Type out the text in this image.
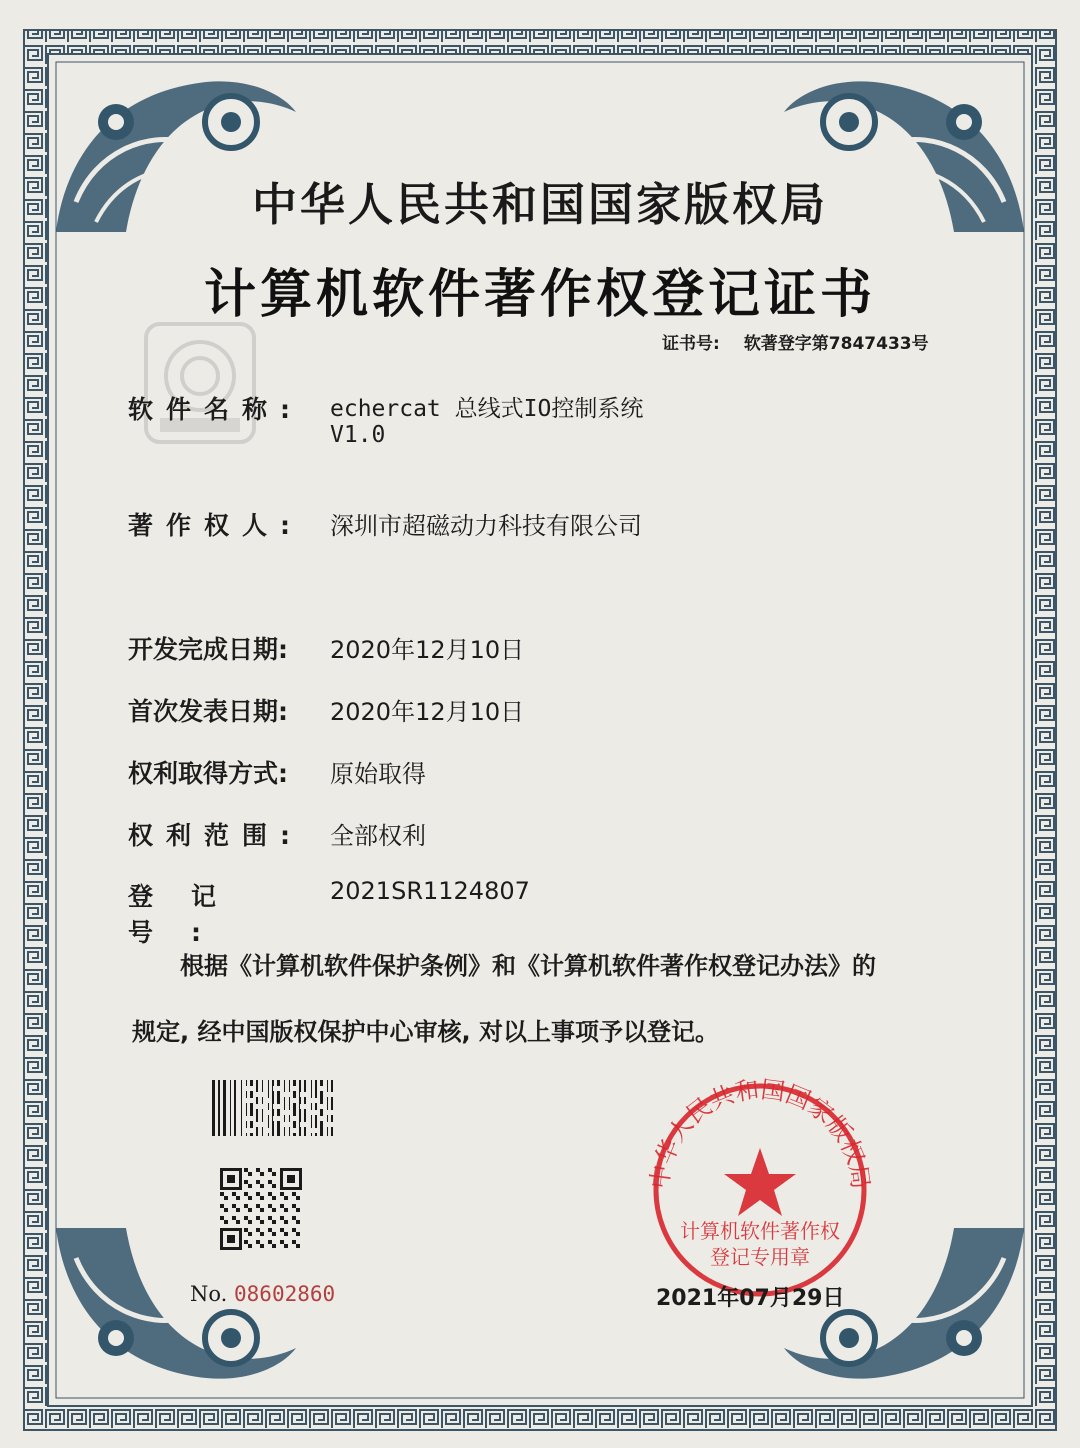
中华人民共和国国家版权局
计算机软件著作权登记证书
证书号: 软著登字第7847433号
软件名称: echercat 总线式IO控制系统
V1.0
著作权人: 深圳市超磁动力科技有限公司
开发完成日期:	2020年12月10日
首次发表日期:	2020年12月10日
权利取得方式:	原始取得
权利范围: 全部权利
登记号:
2021SR1124807
根据《计算机软件保护条例》和《计算机软件著作权登记办法》的
规定, 经中国版权保护中心审核, 对以上事项予以登记。
No. 08602860
中华人民共和国国家版权局
计算机软件著作权
登记专用章
2021年07月29日
